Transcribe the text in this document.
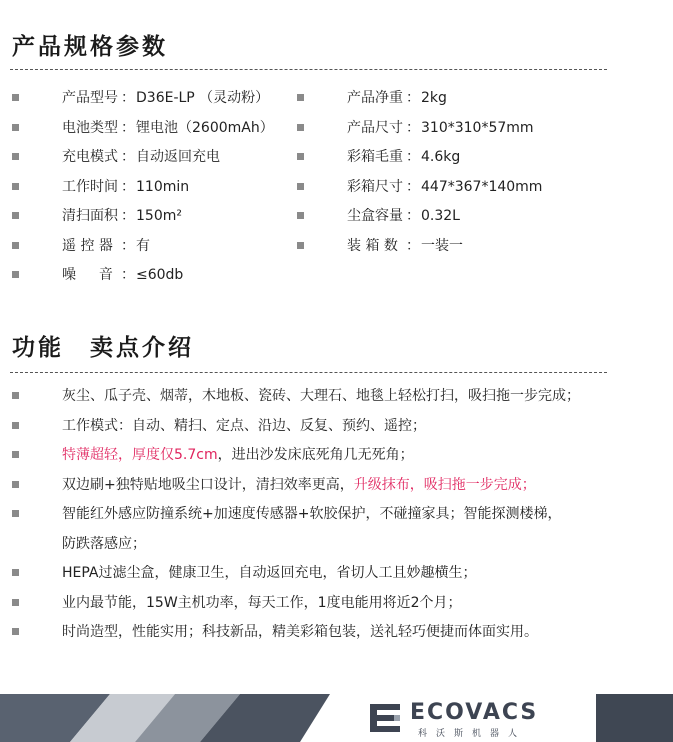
产品规格参数
产品型号 ： D36E-LP （灵动粉）
电池类型 ： 锂电池（2600mAh）
充电模式 ： 自动返回充电
工作时间 ： 110min
清扫面积 ： 150m²
遥 控 器 ： 有
噪 　 音 ： ≤60db
产品净重 ： 2kg
产品尺寸 ： 310*310*57mm
彩箱毛重 ： 4.6kg
彩箱尺寸 ： 447*367*140mm
尘盒容量 ： 0.32L
装 箱 数 ： 一装一
功能　卖点介绍
灰尘、瓜子壳、烟蒂，木地板、瓷砖、大理石、地毯上轻松打扫，吸扫拖一步完成；
工作模式：自动、精扫、定点、沿边、反复、预约、遥控；
特薄超轻，厚度仅5.7cm，进出沙发床底死角几无死角；
双边刷+独特贴地吸尘口设计，清扫效率更高，升级抹布，吸扫拖一步完成；
智能红外感应防撞系统+加速度传感器+软胶保护，不碰撞家具；智能探测楼梯，
防跌落感应；
HEPA过滤尘盒，健康卫生，自动返回充电，省切人工且妙趣横生；
业内最节能，15W主机功率，每天工作，1度电能用将近2个月；
时尚造型，性能实用；科技新品，精美彩箱包装，送礼轻巧便捷而体面实用。
ECOVACS
科沃斯机器人
